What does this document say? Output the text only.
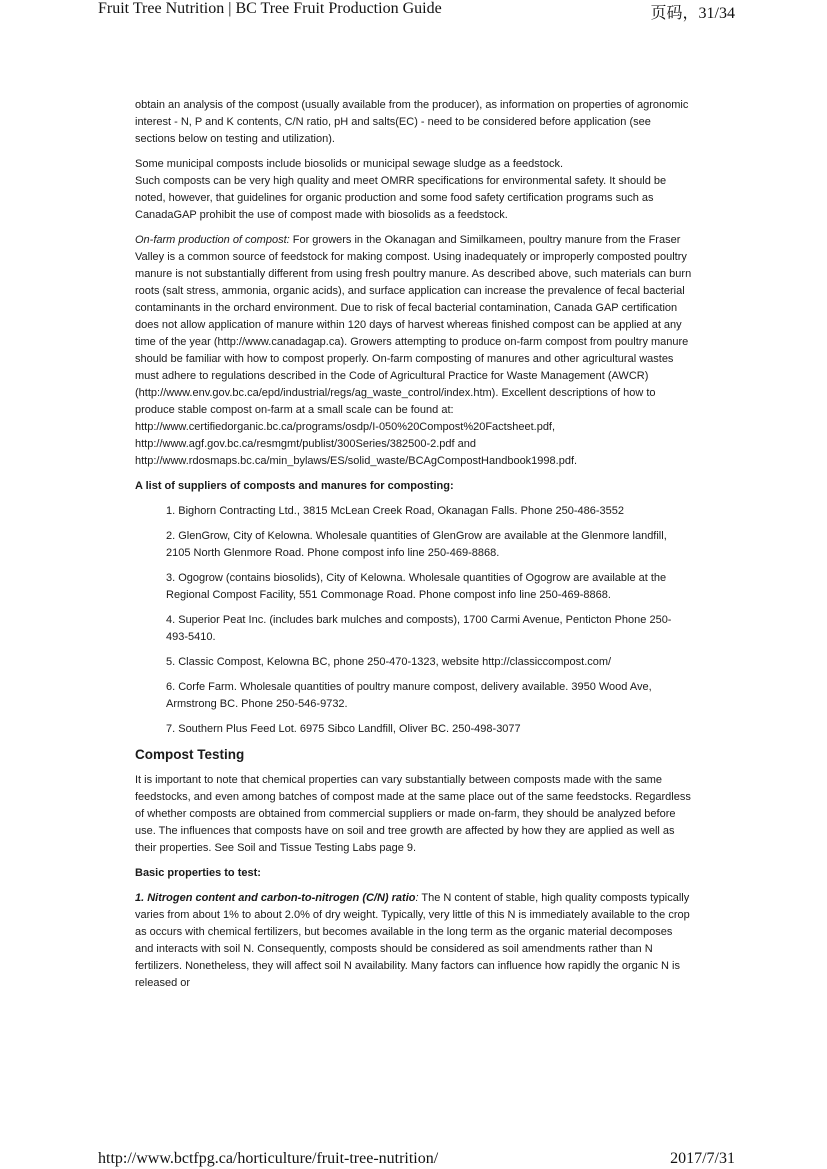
Fruit Tree Nutrition | BC Tree Fruit Production Guide	页码，31/34

obtain an analysis of the compost (usually available from the producer), as information on properties of agronomic interest - N, P and K contents, C/N ratio, pH and salts(EC) - need to be considered before application (see sections below on testing and utilization).

Some municipal composts include biosolids or municipal sewage sludge as a feedstock.
Such composts can be very high quality and meet OMRR specifications for environmental safety. It should be noted, however, that guidelines for organic production and some food safety certification programs such as CanadaGAP prohibit the use of compost made with biosolids as a feedstock.

On-farm production of compost: For growers in the Okanagan and Similkameen, poultry manure from the Fraser Valley is a common source of feedstock for making compost. Using inadequately or improperly composted poultry manure is not substantially different from using fresh poultry manure. As described above, such materials can burn roots (salt stress, ammonia, organic acids), and surface application can increase the prevalence of fecal bacterial contaminants in the orchard environment. Due to risk of fecal bacterial contamination, Canada GAP certification does not allow application of manure within 120 days of harvest whereas finished compost can be applied at any time of the year (http://www.canadagap.ca). Growers attempting to produce on-farm compost from poultry manure should be familiar with how to compost properly. On-farm composting of manures and other agricultural wastes must adhere to regulations described in the Code of Agricultural Practice for Waste Management (AWCR)
(http://www.env.gov.bc.ca/epd/industrial/regs/ag_waste_control/index.htm). Excellent descriptions of how to produce stable compost on-farm at a small scale can be found at:
http://www.certifiedorganic.bc.ca/programs/osdp/I-050%20Compost%20Factsheet.pdf,
http://www.agf.gov.bc.ca/resmgmt/publist/300Series/382500-2.pdf and
http://www.rdosmaps.bc.ca/min_bylaws/ES/solid_waste/BCAgCompostHandbook1998.pdf.

A list of suppliers of composts and manures for composting:
1. Bighorn Contracting Ltd., 3815 McLean Creek Road, Okanagan Falls. Phone 250-486-3552
2. GlenGrow, City of Kelowna. Wholesale quantities of GlenGrow are available at the Glenmore landfill, 2105 North Glenmore Road. Phone compost info line 250-469-8868.
3. Ogogrow (contains biosolids), City of Kelowna. Wholesale quantities of Ogogrow are available at the Regional Compost Facility, 551 Commonage Road. Phone compost info line 250-469-8868.
4. Superior Peat Inc. (includes bark mulches and composts), 1700 Carmi Avenue, Penticton Phone 250-493-5410.
5. Classic Compost, Kelowna BC, phone 250-470-1323, website http://classiccompost.com/
6. Corfe Farm. Wholesale quantities of poultry manure compost, delivery available. 3950 Wood Ave, Armstrong BC. Phone 250-546-9732.
7. Southern Plus Feed Lot. 6975 Sibco Landfill, Oliver BC. 250-498-3077
Compost Testing

It is important to note that chemical properties can vary substantially between composts made with the same feedstocks, and even among batches of compost made at the same place out of the same feedstocks. Regardless of whether composts are obtained from commercial suppliers or made on-farm, they should be analyzed before use. The influences that composts have on soil and tree growth are affected by how they are applied as well as their properties. See Soil and Tissue Testing Labs page 9.

Basic properties to test:

1. Nitrogen content and carbon-to-nitrogen (C/N) ratio: The N content of stable, high quality composts typically varies from about 1% to about 2.0% of dry weight. Typically, very little of this N is immediately available to the crop as occurs with chemical fertilizers, but becomes available in the long term as the organic material decomposes and interacts with soil N. Consequently, composts should be considered as soil amendments rather than N fertilizers. Nonetheless, they will affect soil N availability. Many factors can influence how rapidly the organic N is released or

http://www.bctfpg.ca/horticulture/fruit-tree-nutrition/	2017/7/31
